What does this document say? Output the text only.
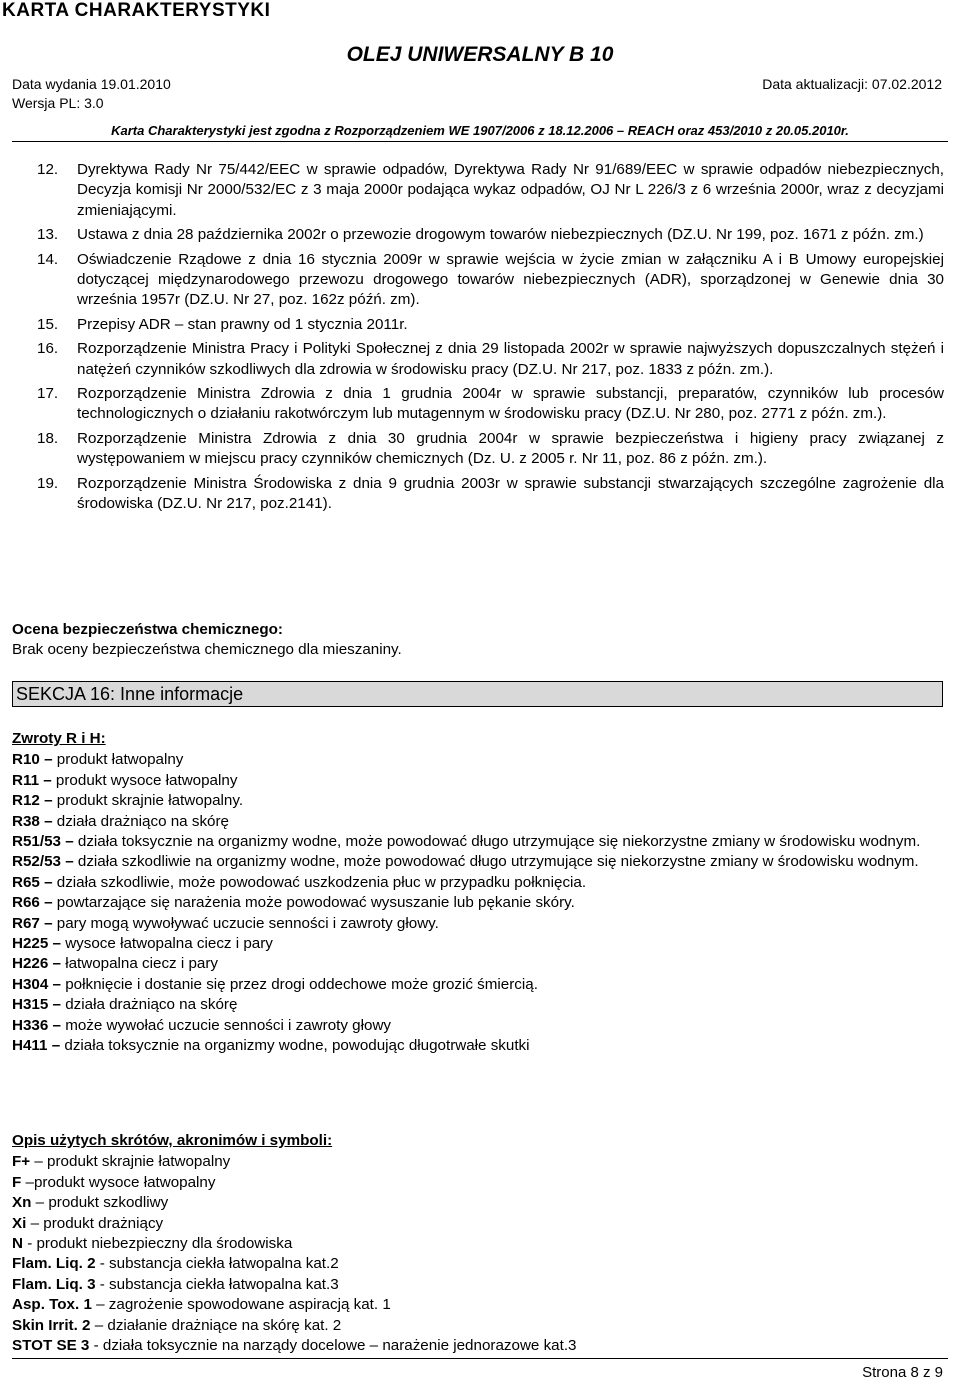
KARTA CHARAKTERYSTYKI
OLEJ UNIWERSALNY B 10
Data wydania 19.01.2010	Data aktualizacji: 07.02.2012
Wersja PL: 3.0
Karta Charakterystyki jest zgodna z Rozporządzeniem WE 1907/2006 z 18.12.2006 – REACH oraz 453/2010 z 20.05.2010r.
12. Dyrektywa Rady Nr 75/442/EEC w sprawie odpadów, Dyrektywa Rady Nr 91/689/EEC w sprawie odpadów niebezpiecznych, Decyzja komisji Nr 2000/532/EC z 3 maja 2000r podająca wykaz odpadów, OJ Nr L 226/3 z 6 września 2000r, wraz z decyzjami zmieniającymi.
13. Ustawa z dnia 28 października 2002r o przewozie drogowym towarów niebezpiecznych (DZ.U. Nr 199, poz. 1671 z późn. zm.)
14. Oświadczenie Rządowe z dnia 16 stycznia 2009r w sprawie wejścia w życie zmian w załączniku A i B Umowy europejskiej dotyczącej międzynarodowego przewozu drogowego towarów niebezpiecznych (ADR), sporządzonej w Genewie dnia 30 września 1957r (DZ.U. Nr 27, poz. 162z późń. zm).
15. Przepisy ADR – stan prawny od 1 stycznia 2011r.
16. Rozporządzenie Ministra Pracy i Polityki Społecznej z dnia 29 listopada 2002r w sprawie najwyższych dopuszczalnych stężeń i natężeń czynników szkodliwych dla zdrowia w środowisku pracy (DZ.U. Nr 217, poz. 1833 z późn. zm.).
17. Rozporządzenie Ministra Zdrowia z dnia 1 grudnia 2004r w sprawie substancji, preparatów, czynników lub procesów technologicznych o działaniu rakotwórczym lub mutagennym w środowisku pracy (DZ.U. Nr 280, poz. 2771 z późn. zm.).
18. Rozporządzenie Ministra Zdrowia z dnia 30 grudnia 2004r w sprawie bezpieczeństwa i higieny pracy związanej z występowaniem w miejscu pracy czynników chemicznych (Dz. U. z 2005 r. Nr 11, poz. 86 z późn. zm.).
19. Rozporządzenie Ministra Środowiska z dnia 9 grudnia 2003r w sprawie substancji stwarzających szczególne zagrożenie dla środowiska (DZ.U. Nr 217, poz.2141).
Ocena bezpieczeństwa chemicznego:
Brak oceny bezpieczeństwa chemicznego dla mieszaniny.
SEKCJA 16: Inne informacje
Zwroty R i H:
R10 – produkt łatwopalny
R11 – produkt wysoce łatwopalny
R12 – produkt skrajnie łatwopalny.
R38 – działa drażniąco na skórę
R51/53 – działa toksycznie na organizmy wodne, może powodować długo utrzymujące się niekorzystne zmiany w środowisku wodnym.
R52/53 – działa szkodliwie na organizmy wodne, może powodować długo utrzymujące się niekorzystne zmiany w środowisku wodnym.
R65 – działa szkodliwie, może powodować uszkodzenia płuc w przypadku połknięcia.
R66 – powtarzające się narażenia może powodować wysuszanie lub pękanie skóry.
R67 – pary mogą wywoływać uczucie senności i zawroty głowy.
H225 – wysoce łatwopalna ciecz i pary
H226 – łatwopalna ciecz i pary
H304 – połknięcie i dostanie się przez drogi oddechowe może grozić śmiercią.
H315 – działa drażniąco na skórę
H336 – może wywołać uczucie senności i zawroty głowy
H411 – działa toksycznie na organizmy wodne, powodując długotrwałe skutki
Opis użytych skrótów, akronimów i symboli:
F+ – produkt skrajnie łatwopalny
F –produkt wysoce łatwopalny
Xn – produkt szkodliwy
Xi – produkt drażniący
N - produkt niebezpieczny dla środowiska
Flam. Liq. 2 - substancja ciekła łatwopalna kat.2
Flam. Liq. 3 - substancja ciekła łatwopalna kat.3
Asp. Tox. 1 – zagrożenie spowodowane aspiracją kat. 1
Skin Irrit. 2 – działanie drażniące na skórę kat. 2
STOT SE 3 - działa toksycznie na narządy docelowe – narażenie jednorazowe kat.3
Strona 8 z 9
